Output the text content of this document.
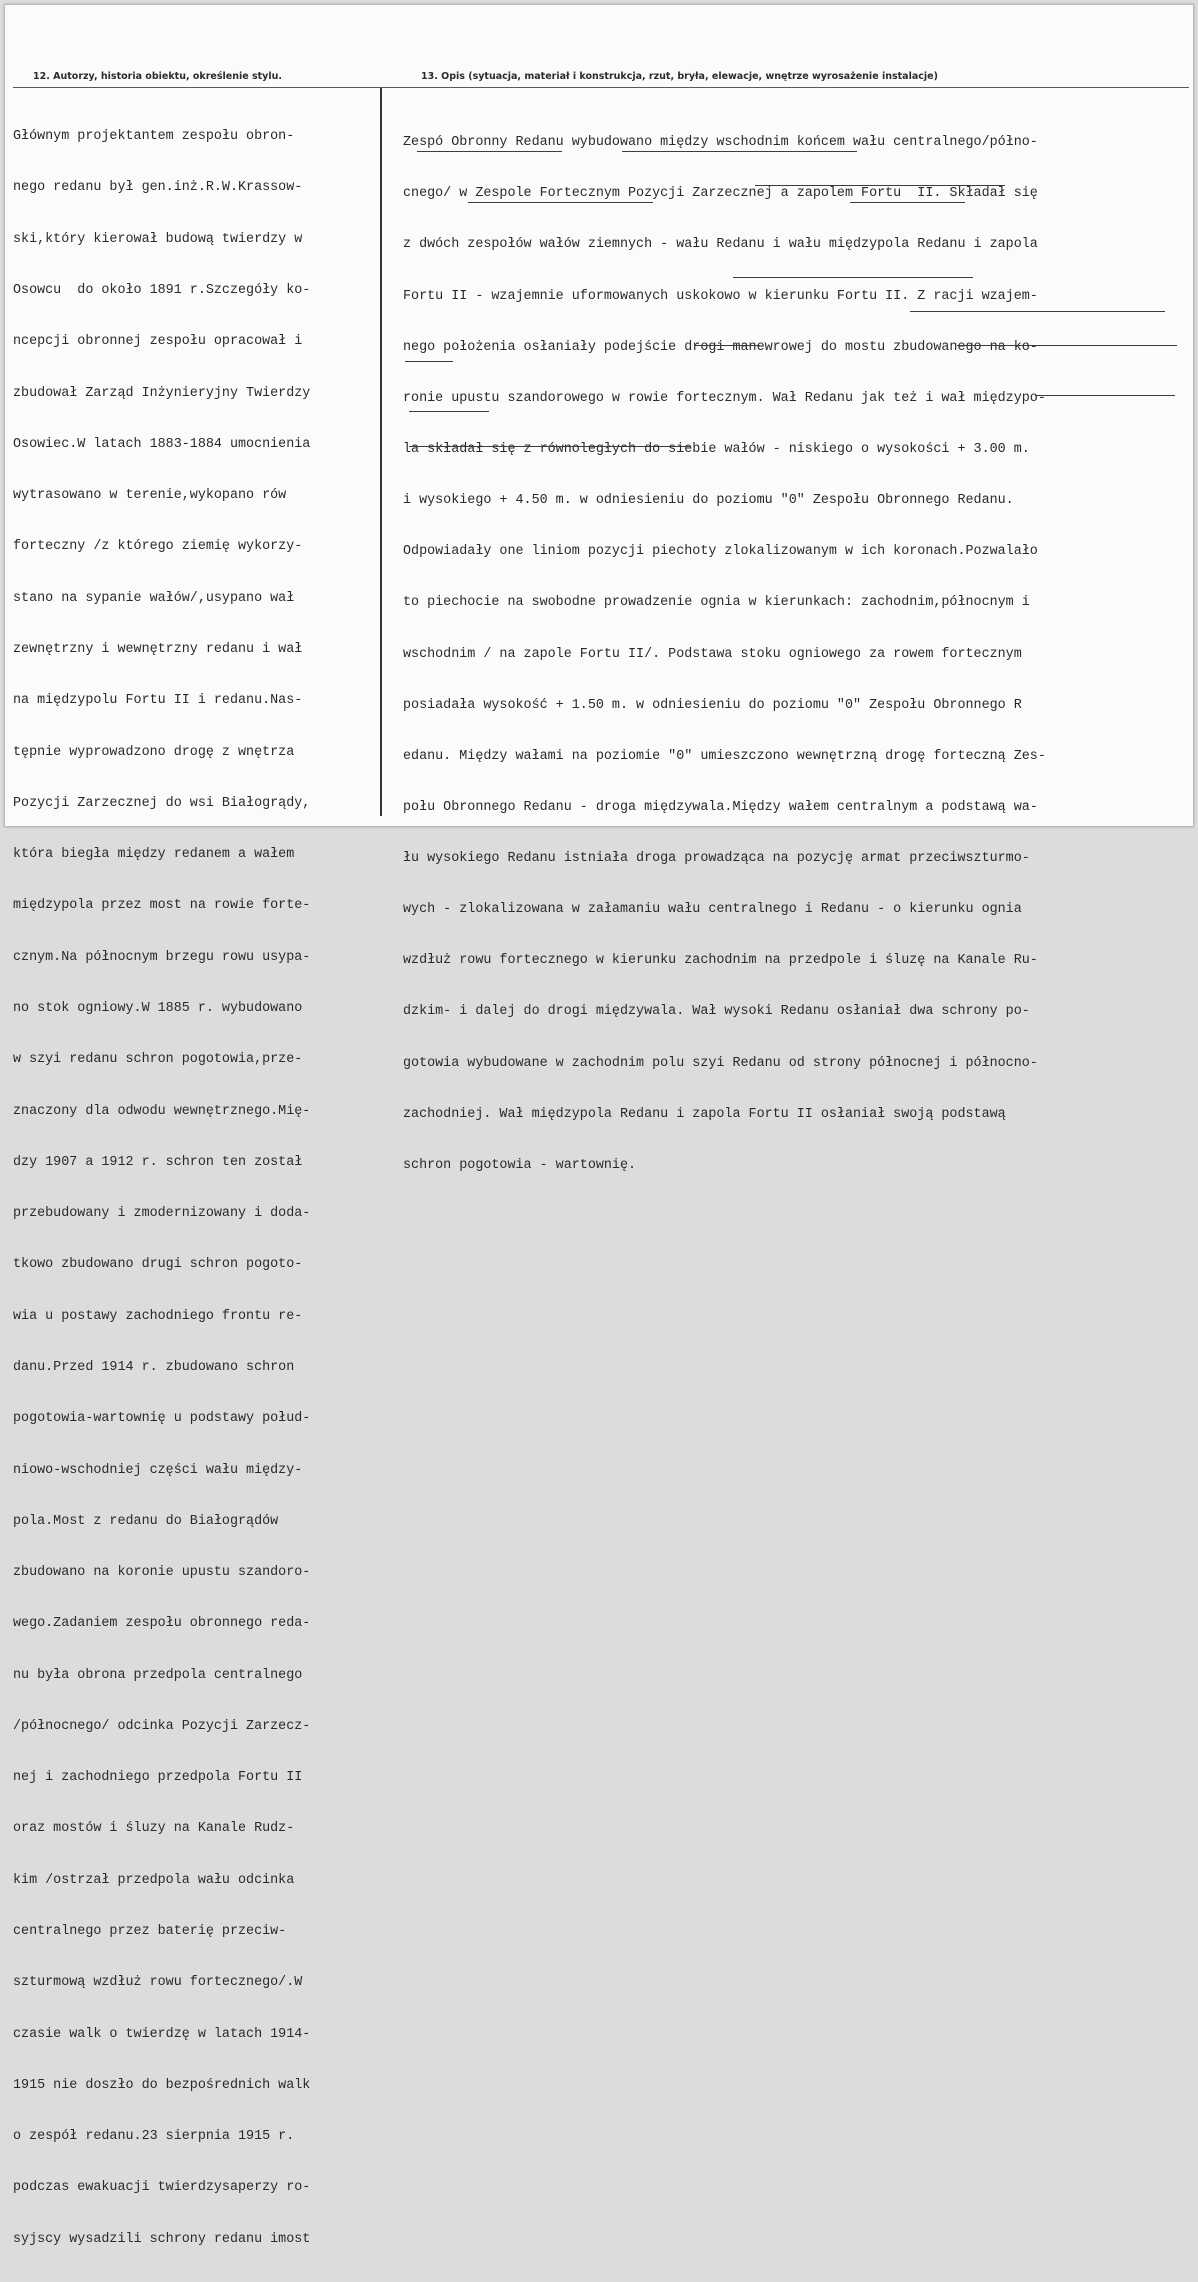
12. Autorzy, historia obiektu, określenie stylu.	13. Opis (sytuacja, materiał i konstrukcja, rzut, bryła, elewacje, wnętrze wyrosażenie instalacje)

Głównym projektantem zespołu obron-

nego redanu był gen.inż.R.W.Krassow-

ski,który kierował budową twierdzy w

Osowcu  do około 1891 r.Szczegóły ko-

ncepcji obronnej zespołu opracował i

zbudował Zarząd Inżynieryjny Twierdzy

Osowiec.W latach 1883-1884 umocnienia

wytrasowano w terenie,wykopano rów

forteczny /z którego ziemię wykorzy-

stano na sypanie wałów/,usypano wał

zewnętrzny i wewnętrzny redanu i wał

na międzypolu Fortu II i redanu.Nas-

tępnie wyprowadzono drogę z wnętrza

Pozycji Zarzecznej do wsi Białogrądy,

która biegła między redanem a wałem

międzypola przez most na rowie forte-

cznym.Na północnym brzegu rowu usypa-

no stok ogniowy.W 1885 r. wybudowano

w szyi redanu schron pogotowia,prze-

znaczony dla odwodu wewnętrznego.Mię-

dzy 1907 a 1912 r. schron ten został

przebudowany i zmodernizowany i doda-

tkowo zbudowano drugi schron pogoto-

wia u postawy zachodniego frontu re-

danu.Przed 1914 r. zbudowano schron

pogotowia-wartownię u podstawy połud-

niowo-wschodniej części wału między-

pola.Most z redanu do Białogrądów

zbudowano na koronie upustu szandoro-

wego.Zadaniem zespołu obronnego reda-

nu była obrona przedpola centralnego

/północnego/ odcinka Pozycji Zarzecz-

nej i zachodniego przedpola Fortu II

oraz mostów i śluzy na Kanale Rudz-

kim /ostrzał przedpola wału odcinka

centralnego przez baterię przeciw-

szturmową wzdłuż rowu fortecznego/.W

czasie walk o twierdzę w latach 1914-

1915 nie doszło do bezpośrednich walk

o zespół redanu.23 sierpnia 1915 r.

podczas ewakuacji twierdzysaperzy ro-

syjscy wysadzili schrony redanu imost

Zespó Obronny Redanu wybudowano między wschodnim końcem wału centralnego/półno-

cnego/ w Zespole Fortecznym Pozycji Zarzecznej a zapolem Fortu  II. Składał się

z dwóch zespołów wałów ziemnych - wału Redanu i wału międzypola Redanu i zapola

Fortu II - wzajemnie uformowanych uskokowo w kierunku Fortu II. Z racji wzajem-

nego położenia osłaniały podejście drogi manewrowej do mostu zbudowanego na ko-

ronie upustu szandorowego w rowie fortecznym. Wał Redanu jak też i wał międzypo-

la składał się z równoległych do siebie wałów - niskiego o wysokości + 3.00 m.

i wysokiego + 4.50 m. w odniesieniu do poziomu "0" Zespołu Obronnego Redanu.

Odpowiadały one liniom pozycji piechoty zlokalizowanym w ich koronach.Pozwalało

to piechocie na swobodne prowadzenie ognia w kierunkach: zachodnim,północnym i

wschodnim / na zapole Fortu II/. Podstawa stoku ogniowego za rowem fortecznym

posiadała wysokość + 1.50 m. w odniesieniu do poziomu "0" Zespołu Obronnego R

edanu. Między wałami na poziomie "0" umieszczono wewnętrzną drogę forteczną Zes-

połu Obronnego Redanu - droga międzywala.Między wałem centralnym a podstawą wa-

łu wysokiego Redanu istniała droga prowadząca na pozycję armat przeciwszturmo-

wych - zlokalizowana w załamaniu wału centralnego i Redanu - o kierunku ognia

wzdłuż rowu fortecznego w kierunku zachodnim na przedpole i śluzę na Kanale Ru-

dzkim- i dalej do drogi międzywala. Wał wysoki Redanu osłaniał dwa schrony po-

gotowia wybudowane w zachodnim polu szyi Redanu od strony północnej i północno-

zachodniej. Wał międzypola Redanu i zapola Fortu II osłaniał swoją podstawą

schron pogotowia - wartownię.
